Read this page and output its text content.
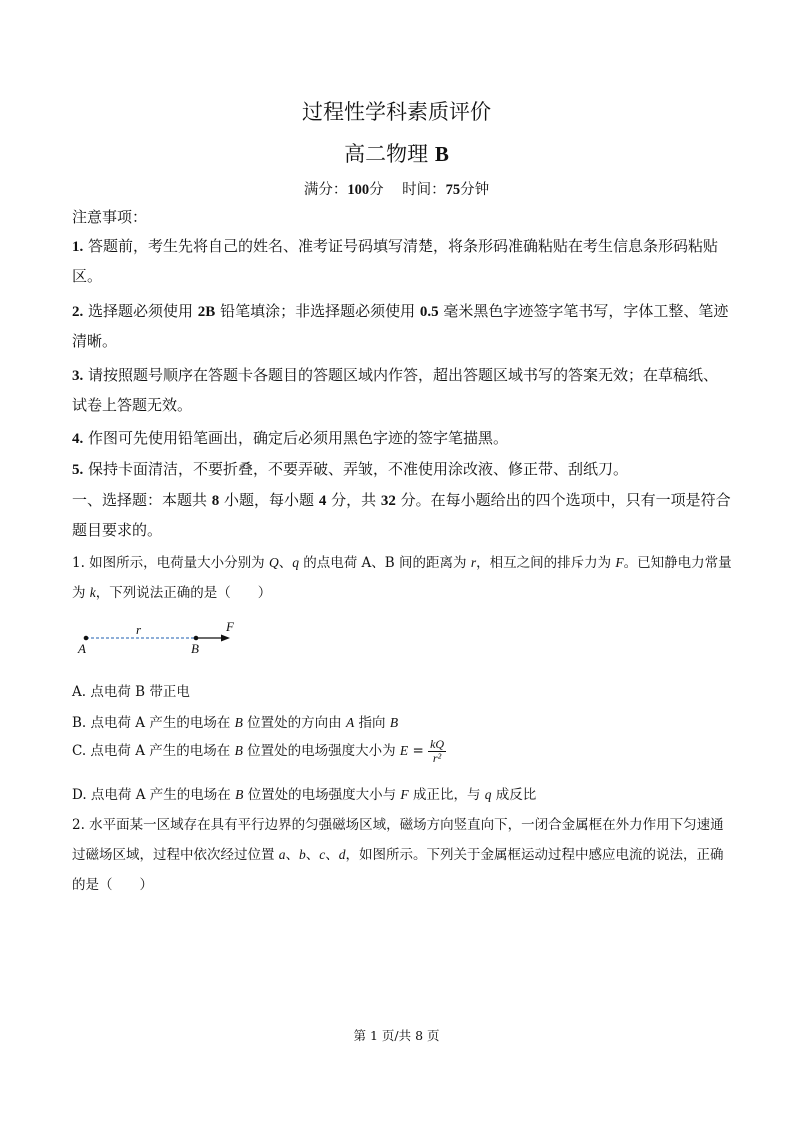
过程性学科素质评价
高二物理 B
满分：100分 时间：75分钟
注意事项：
1. 答题前，考生先将自己的姓名、准考证号码填写清楚，将条形码准确粘贴在考生信息条形码粘贴区。
2. 选择题必须使用 2B 铅笔填涂；非选择题必须使用 0.5 毫米黑色字迹签字笔书写，字体工整、笔迹清晰。
3. 请按照题号顺序在答题卡各题目的答题区域内作答，超出答题区域书写的答案无效；在草稿纸、试卷上答题无效。
4. 作图可先使用铅笔画出，确定后必须用黑色字迹的签字笔描黑。
5. 保持卡面清洁，不要折叠，不要弄破、弄皱，不准使用涂改液、修正带、刮纸刀。
一、选择题：本题共 8 小题，每小题 4 分，共 32 分。在每小题给出的四个选项中，只有一项是符合题目要求的。
1. 如图所示，电荷量大小分别为 Q、q 的点电荷 A、B 间的距离为 r，相互之间的排斥力为 F。已知静电力常量为 k，下列说法正确的是（　　）
r	F
A	B
A. 点电荷 B 带正电
B. 点电荷 A 产生的电场在 B 位置处的方向由 A 指向 B
C. 点电荷 A 产生的电场在 B 位置处的电场强度大小为 $E = \frac{kQ}{\text{r²}}$
D. 点电荷 A 产生的电场在 B 位置处的电场强度大小与 F 成正比，与 q 成反比
2. 水平面某一区域存在具有平行边界的匀强磁场区域，磁场方向竖直向下，一闭合金属框在外力作用下匀速通过磁场区域，过程中依次经过位置 a、b、c、d，如图所示。下列关于金属框运动过程中感应电流的说法，正确的是（　　）
第 1 页/共 8 页
